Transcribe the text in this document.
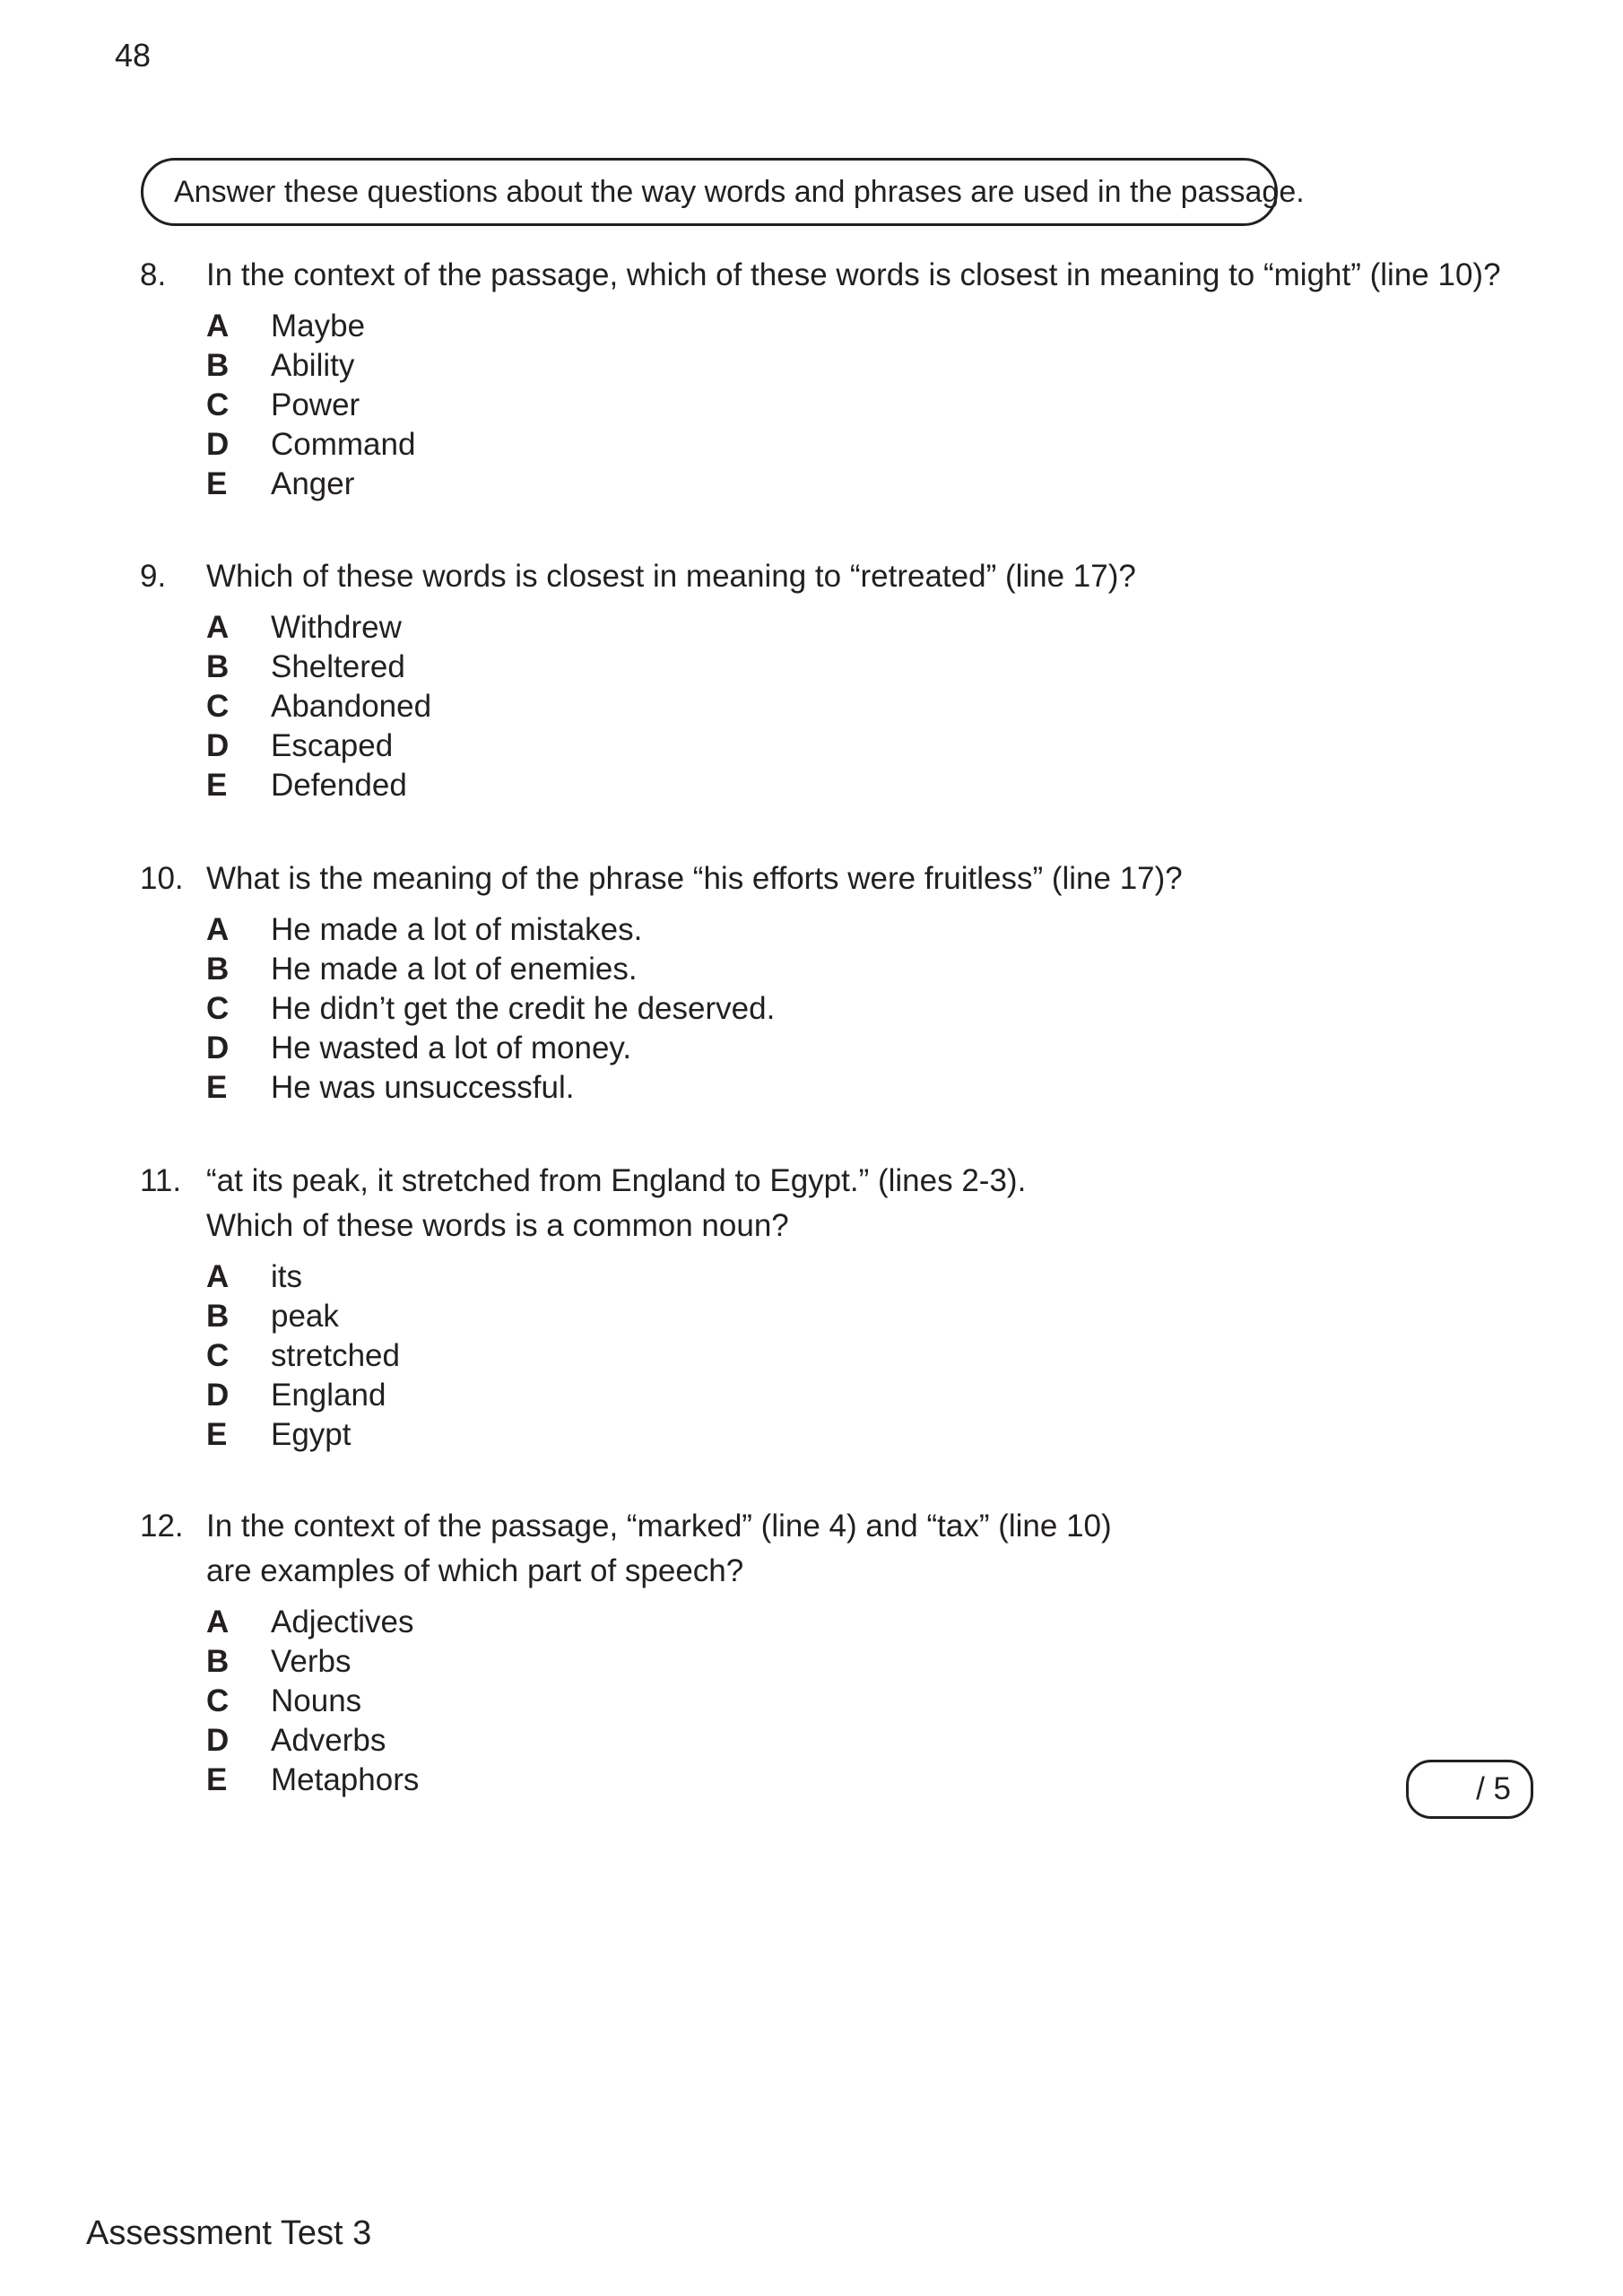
48
Answer these questions about the way words and phrases are used in the passage.
8. In the context of the passage, which of these words is closest in meaning to “might” (line 10)?
A	Maybe
B	Ability
C	Power
D	Command
E	Anger
9. Which of these words is closest in meaning to “retreated” (line 17)?
A	Withdrew
B	Sheltered
C	Abandoned
D	Escaped
E	Defended
10. What is the meaning of the phrase “his efforts were fruitless” (line 17)?
A	He made a lot of mistakes.
B	He made a lot of enemies.
C	He didn’t get the credit he deserved.
D	He wasted a lot of money.
E	He was unsuccessful.
11. “at its peak, it stretched from England to Egypt.” (lines 2-3).
Which of these words is a common noun?
A	its
B	peak
C	stretched
D	England
E	Egypt
12. In the context of the passage, “marked” (line 4) and “tax” (line 10)
are examples of which part of speech?
A	Adjectives
B	Verbs
C	Nouns
D	Adverbs
E	Metaphors	/ 5
Assessment Test 3
